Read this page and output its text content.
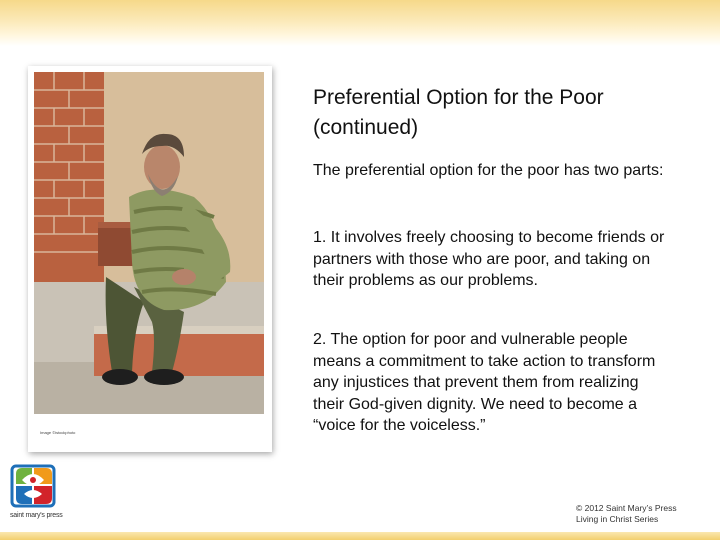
Image ©istockphoto
Preferential Option for the Poor (continued)

The preferential option for the poor has two parts:

1. It involves freely choosing to become friends or partners with those who are poor, and taking on their problems as our problems.

2. The option for poor and vulnerable people means a commitment to take action to transform any injustices that prevent them from realizing their God-given dignity. We need to become a “voice for the voiceless.”

saint mary's press
© 2012 Saint Mary’s Press
Living in Christ Series
